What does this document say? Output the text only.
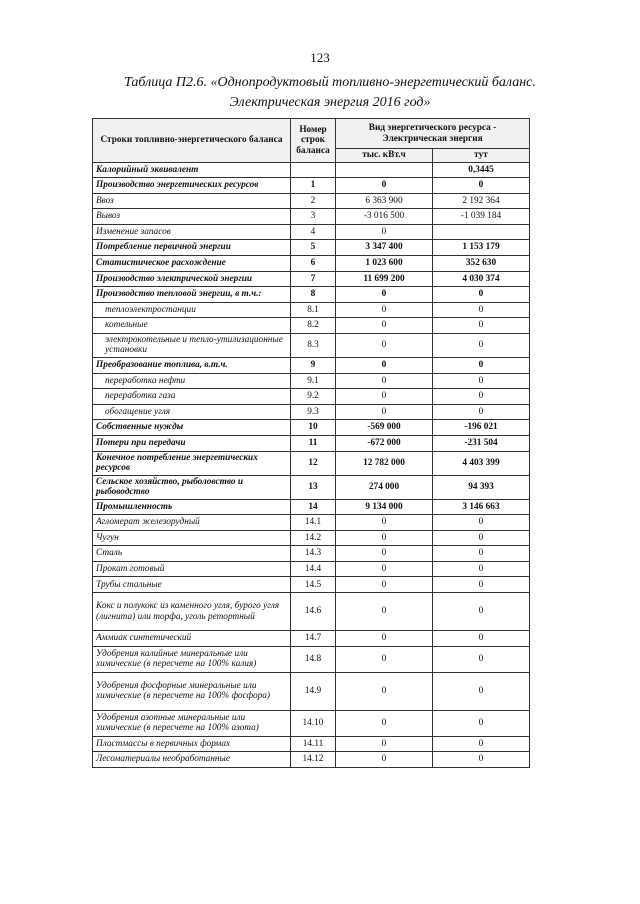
123
Таблица П2.6. «Однопродуктовый топливно-энергетический баланс.
Электрическая энергия 2016 год»
Строки топливно-энергетического баланса	Номер строк баланса	Вид энергетического ресурса - Электрическая энергия	
		тыс. кВт.ч	тут
Калорийный эквивалент			0,3445
Производство энергетических ресурсов	1	0	0
Ввоз	2	6 363 900	2 192 364
Вывоз	3	-3 016 500	-1 039 184
Изменение запасов	4	0	
Потребление первичной энергии	5	3 347 400	1 153 179
Статистическое расхождение	6	1 023 600	352 630
Производство электрической энергии	7	11 699 200	4 030 374
Производство тепловой энергии, в т.ч.:	8	0	0
теплоэлектростанции	8.1	0	0
котельные	8.2	0	0
электрокотельные и тепло-утилизационные установки	8.3	0	0
Преобразование топлива, в.т.ч.	9	0	0
переработка нефти	9.1	0	0
переработка газа	9.2	0	0
обогащение угля	9.3	0	0
Собственные нужды	10	-569 000	-196 021
Потери при передачи	11	-672 000	-231 504
Конечное потребление энергетических ресурсов	12	12 782 000	4 403 399
Сельское хозяйство, рыболовство и рыбоводство	13	274 000	94 393
Промышленность	14	9 134 000	3 146 663
Агломерат железорудный	14.1	0	0
Чугун	14.2	0	0
Сталь	14.3	0	0
Прокат готовый	14.4	0	0
Трубы стальные	14.5	0	0
Кокс и полукокс из каменного угля, бурого угля (лигнита) или торфа, уголь ретортный	14.6	0	0
Аммиак синтетический	14.7	0	0
Удобрения калийные минеральные или химические (в пересчете на 100% калия)	14.8	0	0
Удобрения фосфорные минеральные или химические (в пересчете на 100% фосфора)	14.9	0	0
Удобрения азотные минеральные или химические (в пересчете на 100% азота)	14.10	0	0
Пластмассы в первичных формах	14.11	0	0
Лесоматериалы необработанные	14.12	0	0
